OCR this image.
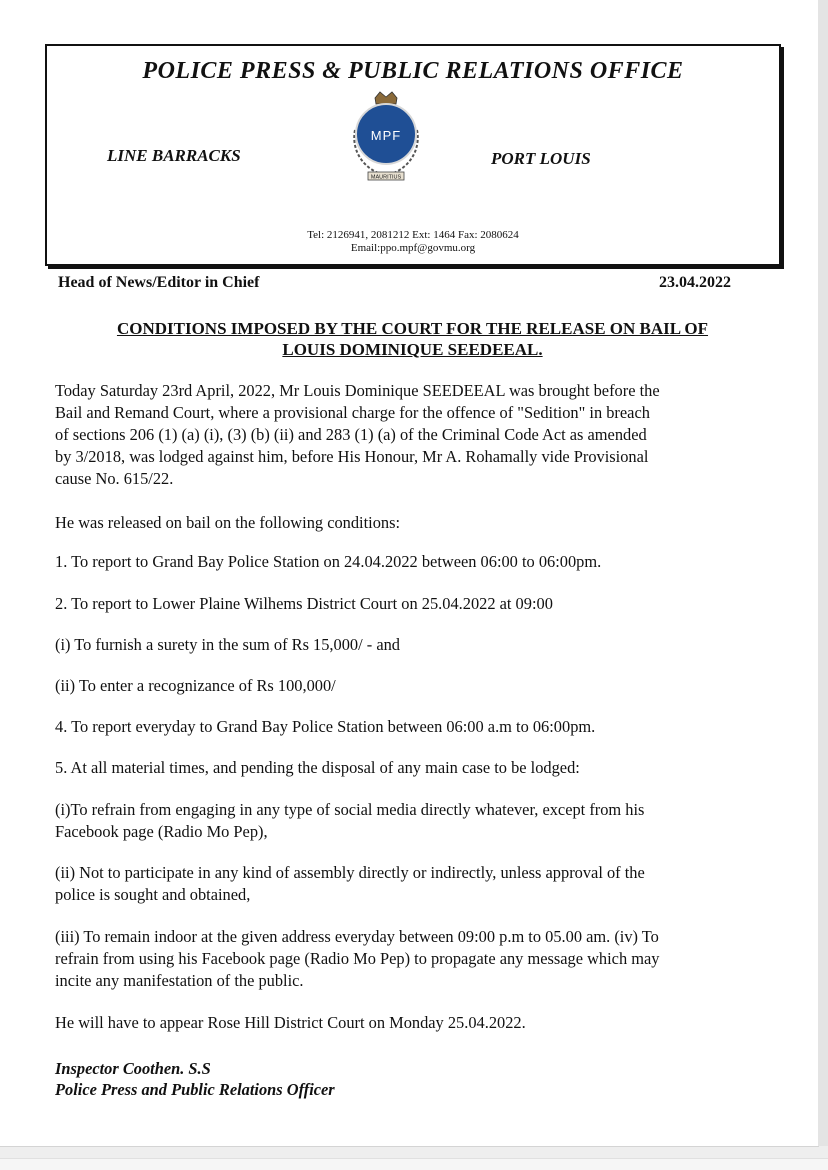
POLICE PRESS & PUBLIC RELATIONS OFFICE
LINE BARRACKS	PORT LOUIS
MPF
MAURITIUS
Tel: 2126941, 2081212 Ext: 1464 Fax: 2080624
Email:ppo.mpf@govmu.org
Head of News/Editor in Chief	23.04.2022
CONDITIONS IMPOSED BY THE COURT FOR THE RELEASE ON BAIL OF
LOUIS DOMINIQUE SEEDEEAL.
Today Saturday 23rd April, 2022, Mr Louis Dominique SEEDEEAL was brought before the
Bail and Remand Court, where a provisional charge for the offence of "Sedition" in breach
of sections 206 (1) (a) (i), (3) (b) (ii) and 283 (1) (a) of the Criminal Code Act as amended
by 3/2018, was lodged against him, before His Honour, Mr A. Rohamally vide Provisional
cause No. 615/22.
He was released on bail on the following conditions:
1. To report to Grand Bay Police Station on 24.04.2022 between 06:00 to 06:00pm.
2. To report to Lower Plaine Wilhems District Court on 25.04.2022 at 09:00
(i) To furnish a surety in the sum of Rs 15,000/ - and
(ii) To enter a recognizance of Rs 100,000/
4. To report everyday to Grand Bay Police Station between 06:00 a.m to 06:00pm.
5. At all material times, and pending the disposal of any main case to be lodged:
(i)To refrain from engaging in any type of social media directly whatever, except from his
Facebook page (Radio Mo Pep),
(ii) Not to participate in any kind of assembly directly or indirectly, unless approval of the
police is sought and obtained,
(iii) To remain indoor at the given address everyday between 09:00 p.m to 05.00 am. (iv) To
refrain from using his Facebook page (Radio Mo Pep) to propagate any message which may
incite any manifestation of the public.
He will have to appear Rose Hill District Court on Monday 25.04.2022.
Inspector Coothen. S.S
Police Press and Public Relations Officer
